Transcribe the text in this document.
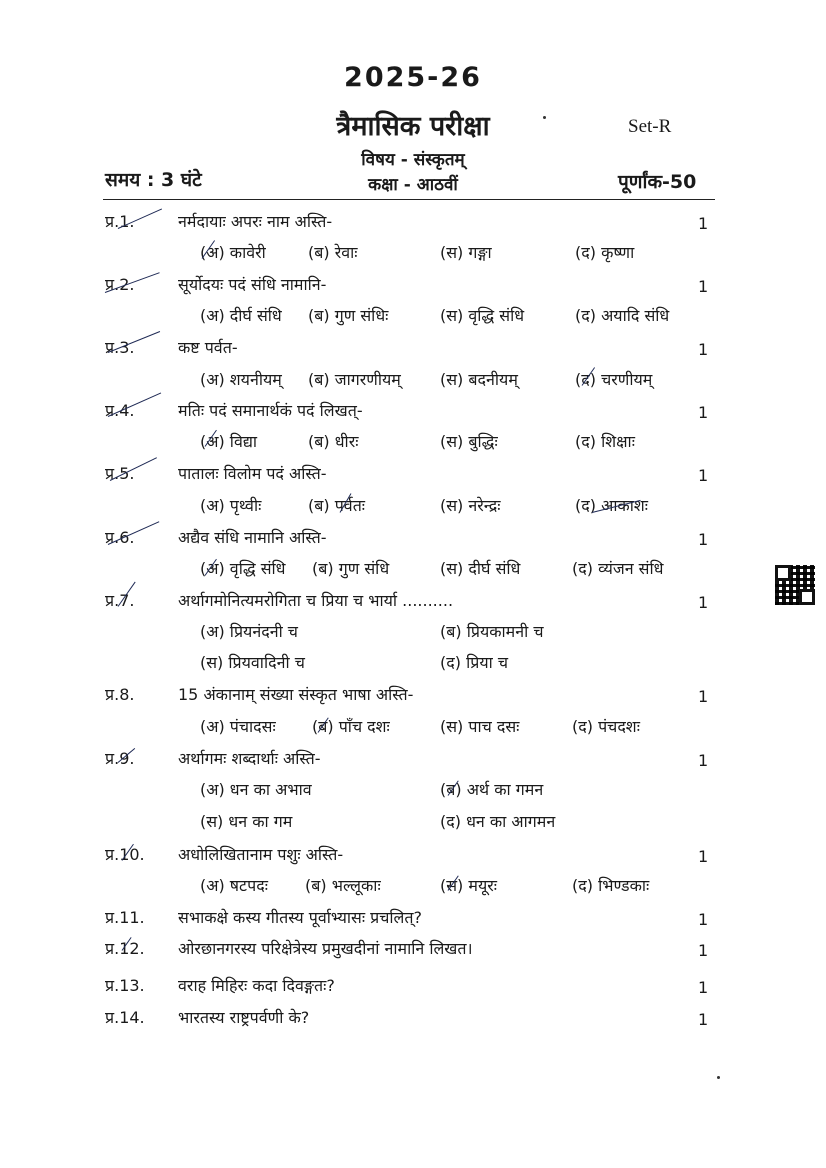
2025-26
त्रैमासिक परीक्षा	Set-R
विषय - संस्कृतम्
समय : 3 घंटे	कक्षा - आठवीं	पूर्णांक-50
प्र.1.	नर्मदायाः अपरः नाम अस्ति-	1
(अ) कावेरी	(ब) रेवाः	(स) गङ्गा	(द) कृष्णा
प्र.2.	सूर्योदयः पदं संधि नामानि-	1
(अ) दीर्घ संधि (ब) गुण संधिः	(स) वृद्धि संधि	(द) अयादि संधि
प्र.3.	कष्ट पर्वत-	1
(अ) शयनीयम् (ब) जागरणीयम् (स) बदनीयम्	(द) चरणीयम्
प्र.4.	मतिः पदं समानार्थकं पदं लिखत्-	1
(अ) विद्या	(ब) धीरः	(स) बुद्धिः	(द) शिक्षाः
प्र.5.	पातालः विलोम पदं अस्ति-	1
(अ) पृथ्वीः	(ब) पर्वतः	(स) नरेन्द्रः	(द) आकाशः
प्र.6.	अद्यैव संधि नामानि अस्ति-	1
(अ) वृद्धि संधि (ब) गुण संधि	(स) दीर्घ संधि	(द) व्यंजन संधि
प्र.7.	अर्थागमोनित्यमरोगिता च प्रिया च भार्या ..........	1
(अ) प्रियनंदनी च	(ब) प्रियकामनी च
(स) प्रियवादिनी च	(द) प्रिया च
प्र.8.	15 अंकानाम् संख्या संस्कृत भाषा अस्ति-	1
(अ) पंचादसः (ब) पाँच दशः	(स) पाच दसः	(द) पंचदशः
प्र.9.	अर्थागमः शब्दार्थाः अस्ति-	1
(अ) धन का अभाव	(ब) अर्थ का गमन
(स) धन का गम	(द) धन का आगमन
प्र.10. अधोलिखितानाम पशुः अस्ति-	1
(अ) षटपदः (ब) भल्लूकाः	(स) मयूरः	(द) भिण्डकाः
प्र.11. सभाकक्षे कस्य गीतस्य पूर्वाभ्यासः प्रचलित्?	1
प्र.12. ओरछानगरस्य परिक्षेत्रेस्य प्रमुखदीनां नामानि लिखत।	1
प्र.13. वराह मिहिरः कदा दिवङ्गतः?	1
प्र.14. भारतस्य राष्ट्रपर्वणी के?	1
